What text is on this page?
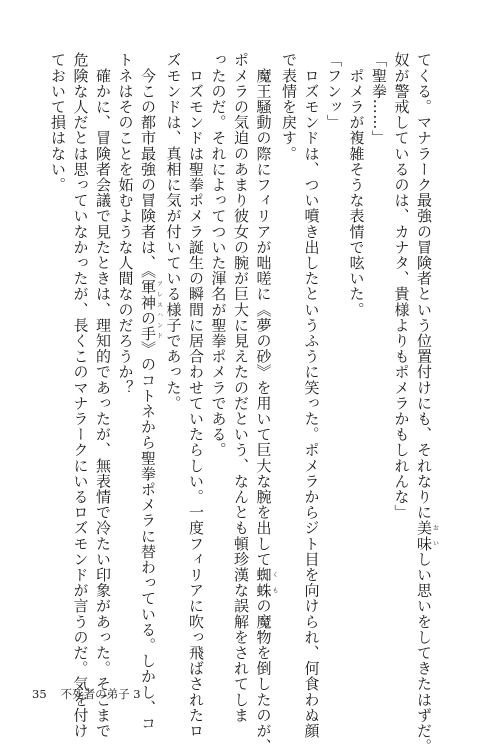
てくる。マナラーク最強の冒険者という位置付けにも、それなりに美味おいしい思いをしてきたはずだ。
奴が警戒しているのは、カナタ、貴様よりもポメラかもしれんな」
「聖拳……」
　ポメラが複雑そうな表情で呟いた。
「フンッ」
　ロズモンドは、つい噴き出したというふうに笑った。ポメラからジト目を向けられ、何食わぬ顔
で表情を戻す。
　魔王騒動の際にフィリアが咄嗟に《夢の砂》を用いて巨大な腕を出して蜘蛛くもの魔物を倒したのが、
ポメラの気迫のあまり彼女の腕が巨大に見えたのだという、なんとも頓珍漢な誤解をされてしま
ったのだ。それによってついた渾名が聖拳ポメラである。
　ロズモンドは聖拳ポメラ誕生の瞬間に居合わせていたらしい。一度フィリアに吹っ飛ばされたロ
ズモンドは、真相に気が付いている様子であった。
　今この都市最強の冒険者は、《軍神の手アレスハンド》のコトネから聖拳ポメラに替わっている。しかし、コ
トネはそのことを妬むような人間なのだろうか？
　確かに、冒険者会議で見たときは、理知的であったが、無表情で冷たい印象があった。そこまで
危険な人だとは思っていなかったが、長くこのマナラークにいるロズモンドが言うのだ。気を付け
ておいて損はない。
35 不死者の弟子 3
